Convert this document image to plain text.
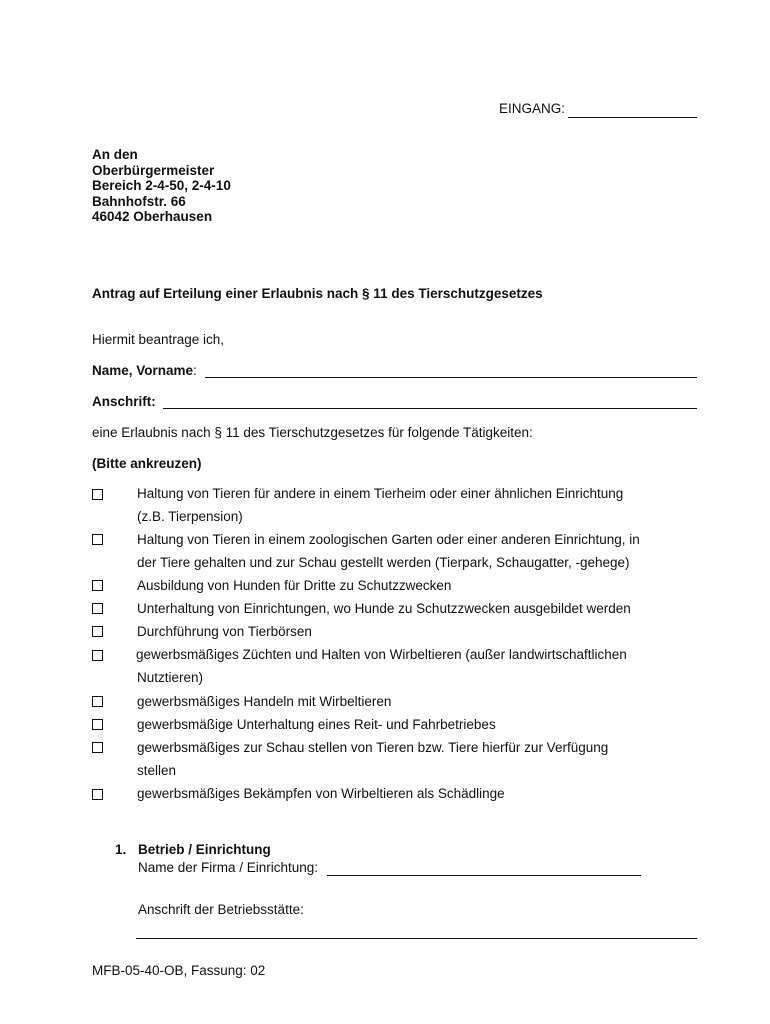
EINGANG:
An den
Oberbürgermeister
Bereich 2-4-50, 2-4-10
Bahnhofstr. 66
46042 Oberhausen
Antrag auf Erteilung einer Erlaubnis nach § 11 des Tierschutzgesetzes
Hiermit beantrage ich,
Name, Vorname:
Anschrift:
eine Erlaubnis nach § 11 des Tierschutzgesetzes für folgende Tätigkeiten:
(Bitte ankreuzen)
Haltung von Tieren für andere in einem Tierheim oder einer ähnlichen Einrichtung
(z.B. Tierpension)
Haltung von Tieren in einem zoologischen Garten oder einer anderen Einrichtung, in
der Tiere gehalten und zur Schau gestellt werden (Tierpark, Schaugatter, -gehege)
Ausbildung von Hunden für Dritte zu Schutzzwecken
Unterhaltung von Einrichtungen, wo Hunde zu Schutzzwecken ausgebildet werden
Durchführung von Tierbörsen
gewerbsmäßiges Züchten und Halten von Wirbeltieren (außer landwirtschaftlichen
Nutztieren)
gewerbsmäßiges Handeln mit Wirbeltieren
gewerbsmäßige Unterhaltung eines Reit- und Fahrbetriebes
gewerbsmäßiges zur Schau stellen von Tieren bzw. Tiere hierfür zur Verfügung
stellen
gewerbsmäßiges Bekämpfen von Wirbeltieren als Schädlinge
1. Betrieb / Einrichtung
Name der Firma / Einrichtung:
Anschrift der Betriebsstätte:
MFB-05-40-OB, Fassung: 02
